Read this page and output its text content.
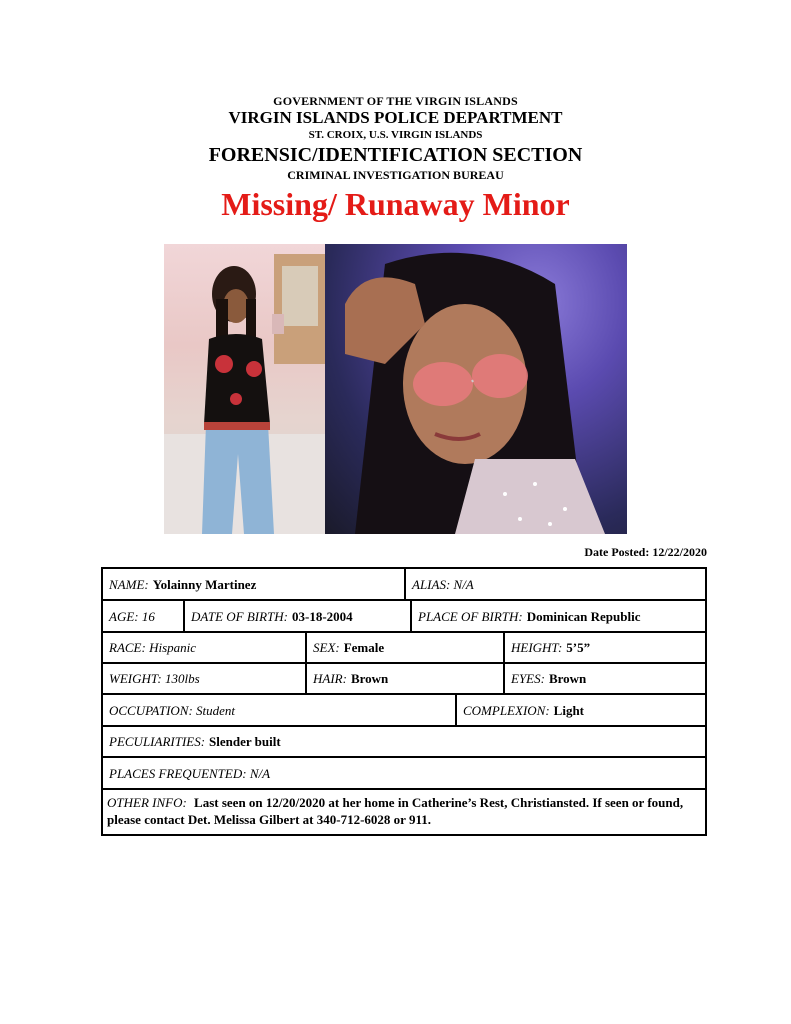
GOVERNMENT OF THE VIRGIN ISLANDS
VIRGIN ISLANDS POLICE DEPARTMENT
ST. CROIX, U.S. VIRGIN ISLANDS
FORENSIC/IDENTIFICATION SECTION
CRIMINAL INVESTIGATION BUREAU
Missing/ Runaway Minor
Date Posted: 12/22/2020
NAME: Yolainny Martinez	ALIAS: N/A
AGE: 16	DATE OF BIRTH: 03-18-2004	PLACE OF BIRTH: Dominican Republic
RACE: Hispanic	SEX: Female	HEIGHT: 5’5”
WEIGHT: 130lbs	HAIR: Brown	EYES: Brown
OCCUPATION: Student	COMPLEXION: Light
PECULIARITIES: Slender built
PLACES FREQUENTED: N/A
OTHER INFO: Last seen on 12/20/2020 at her home in Catherine’s Rest, Christiansted. If seen or found, please contact Det. Melissa Gilbert at 340-712-6028 or 911.
